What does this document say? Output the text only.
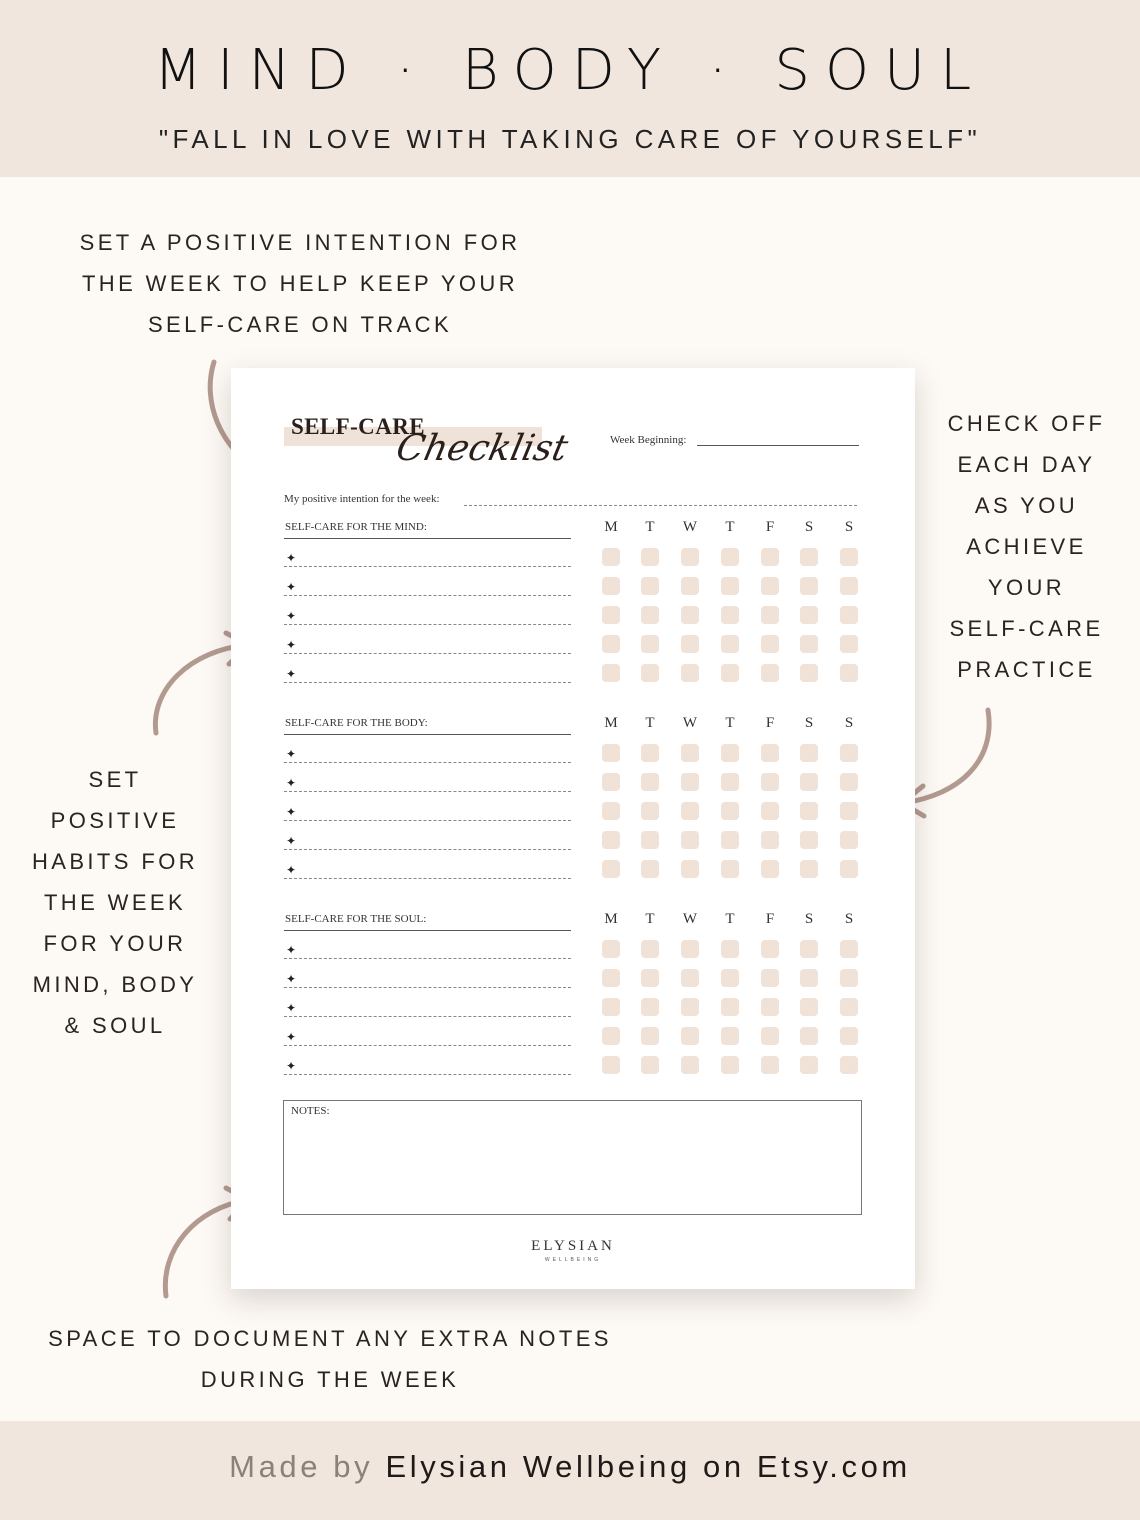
MIND · BODY · SOUL
"FALL IN LOVE WITH TAKING CARE OF YOURSELF"
SET A POSITIVE INTENTION FOR
THE WEEK TO HELP KEEP YOUR
SELF-CARE ON TRACK
CHECK OFF
EACH DAY
AS YOU
ACHIEVE
YOUR
SELF-CARE
PRACTICE
SET
POSITIVE
HABITS FOR
THE WEEK
FOR YOUR
MIND, BODY
& SOUL
SPACE TO DOCUMENT ANY EXTRA NOTES
DURING THE WEEK
SELF-CARE
Checklist	Week Beginning:
My positive intention for the week:
NOTES:
ELYSIAN
WELLBEING
SELF-CARE FOR THE MIND:	M	T	W	T	F	S	S
✦
✦
✦
✦
✦
SELF-CARE FOR THE BODY:	M	T	W	T	F	S	S
✦
✦
✦
✦
✦
SELF-CARE FOR THE SOUL:	M	T	W	T	F	S	S
✦
✦
✦
✦
✦
Made by Elysian Wellbeing on Etsy.com
